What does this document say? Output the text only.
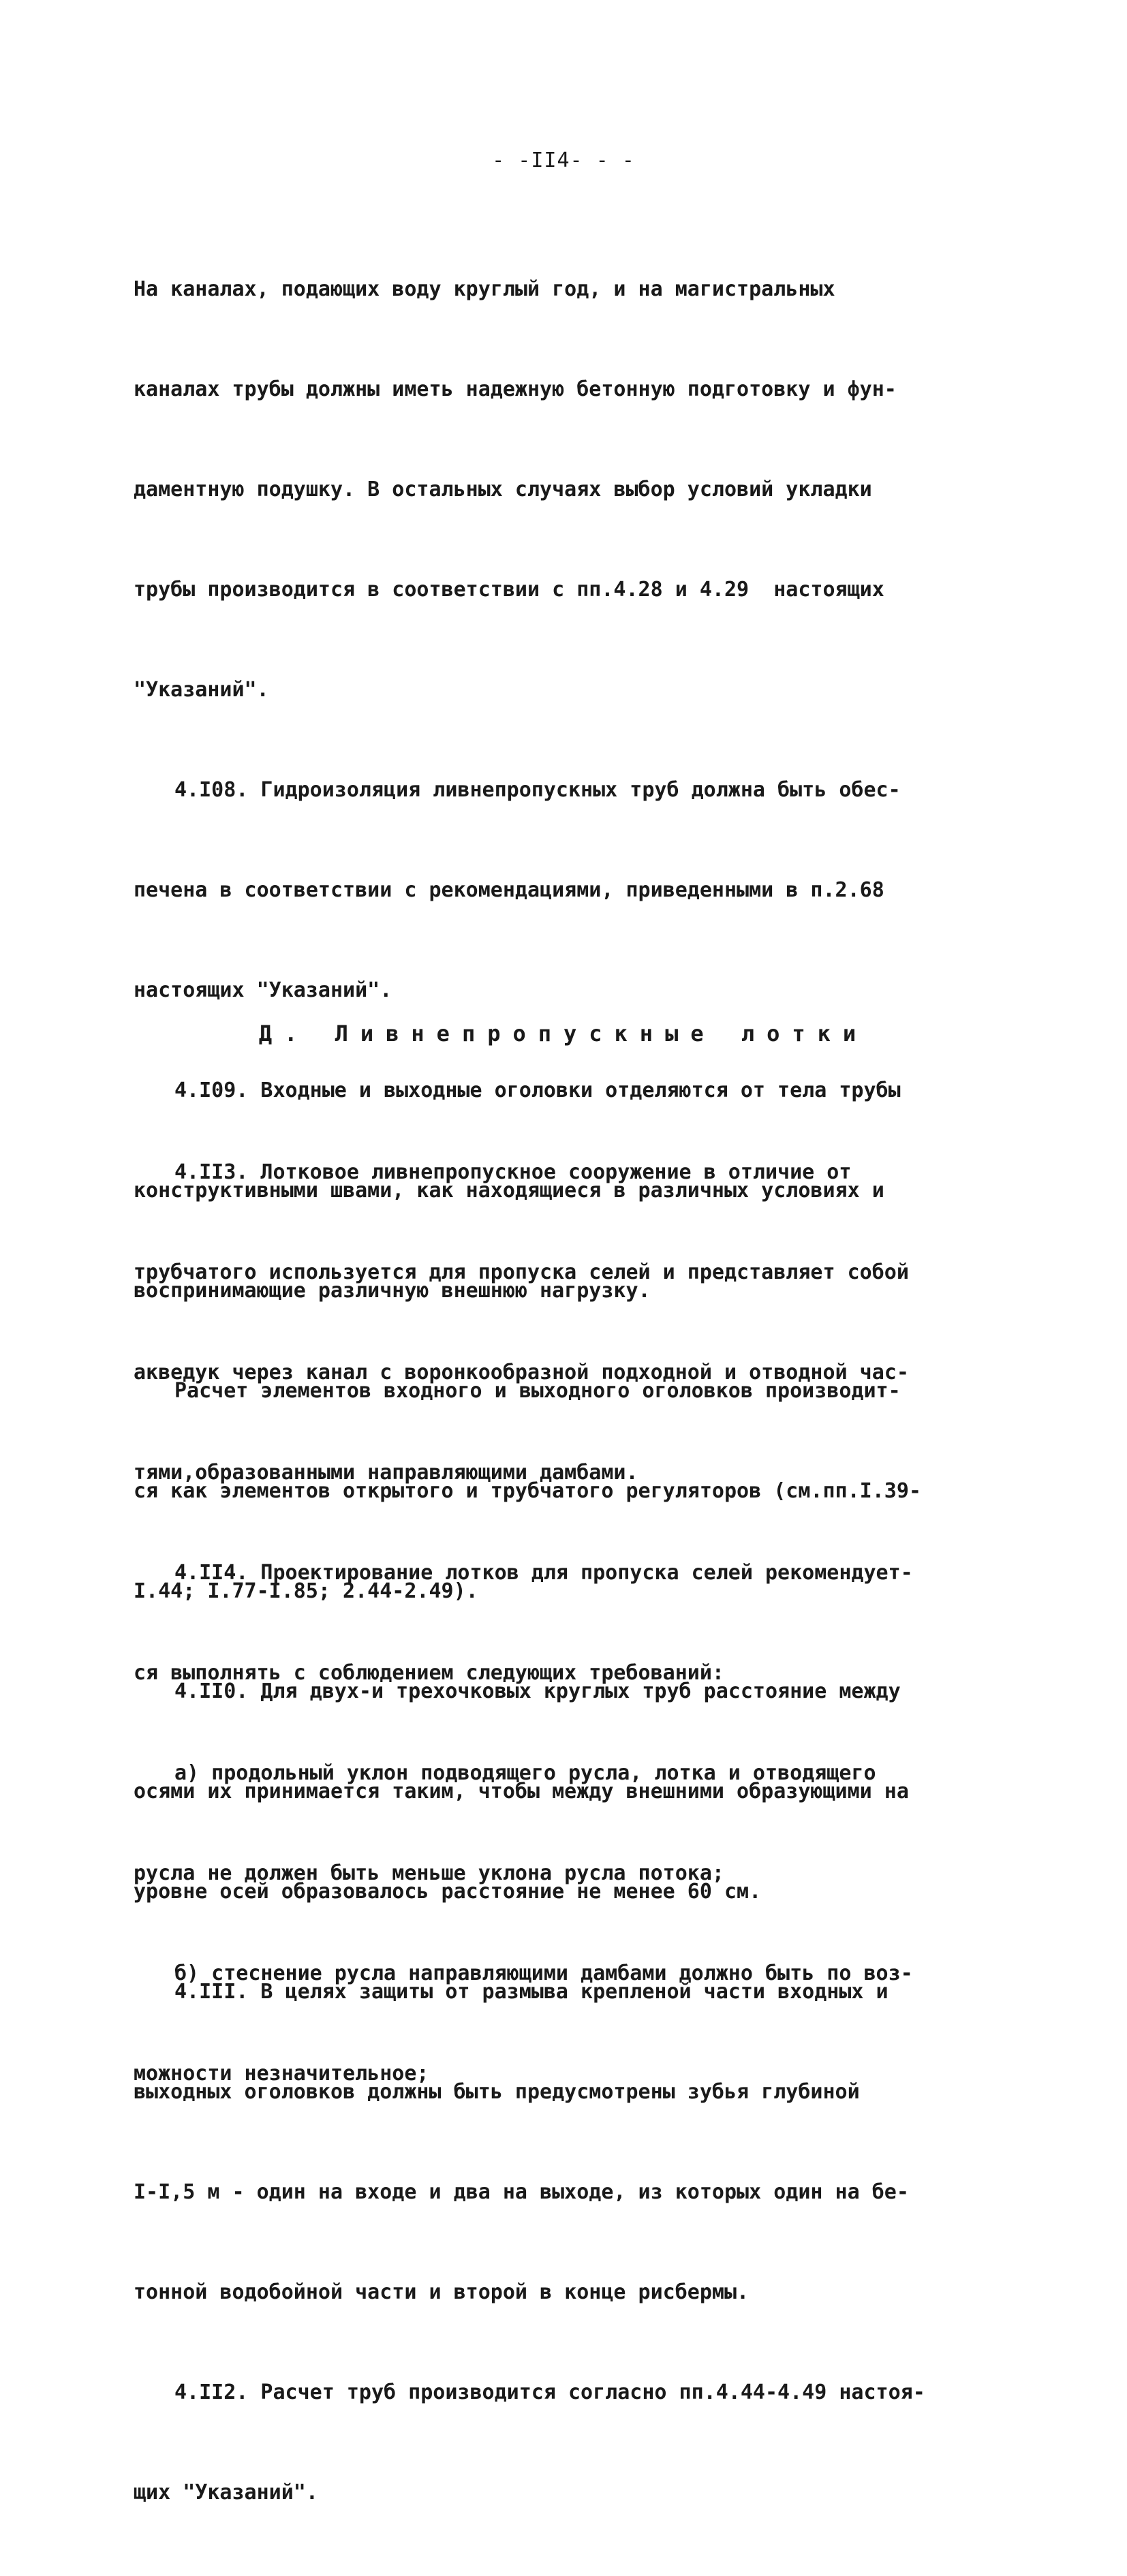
- -II4- - -

На каналах, подающих воду круглый год, и на магистральных

каналах трубы должны иметь надежную бетонную подготовку и фун-

даментную подушку. В остальных случаях выбор условий укладки

трубы производится в соответствии с пп.4.28 и 4.29  настоящих

"Указаний".

4.I08. Гидроизоляция ливнепропускных труб должна быть обес-

печена в соответствии с рекомендациями, приведенными в п.2.68

настоящих "Указаний".

4.I09. Входные и выходные оголовки отделяются от тела трубы

конструктивными швами, как находящиеся в различных условиях и

воспринимающие различную внешнюю нагрузку.

Расчет элементов входного и выходного оголовков производит-

ся как элементов открытого и трубчатого регуляторов (см.пп.I.39-

I.44; I.77-I.85; 2.44-2.49).

4.II0. Для двух-и трехочковых круглых труб расстояние между

осями их принимается таким, чтобы между внешними образующими на

уровне осей образовалось расстояние не менее 60 см.

4.III. В целях защиты от размыва крепленой части входных и

выходных оголовков должны быть предусмотрены зубья глубиной

I-I,5 м - один на входе и два на выходе, из которых один на бе-

тонной водобойной части и второй в конце рисбермы.

4.II2. Расчет труб производится согласно пп.4.44-4.49 настоя-

щих "Указаний".

Д. Ливнепропускные лотки

4.II3. Лотковое ливнепропускное сооружение в отличие от

трубчатого используется для пропуска селей и представляет собой

акведук через канал с воронкообразной подходной и отводной час-

тями,образованными направляющими дамбами.

4.II4. Проектирование лотков для пропуска селей рекомендует-

ся выполнять с соблюдением следующих требований:

а) продольный уклон подводящего русла, лотка и отводящего

русла не должен быть меньше уклона русла потока;

б) стеснение русла направляющими дамбами должно быть по воз-

можности незначительное;
